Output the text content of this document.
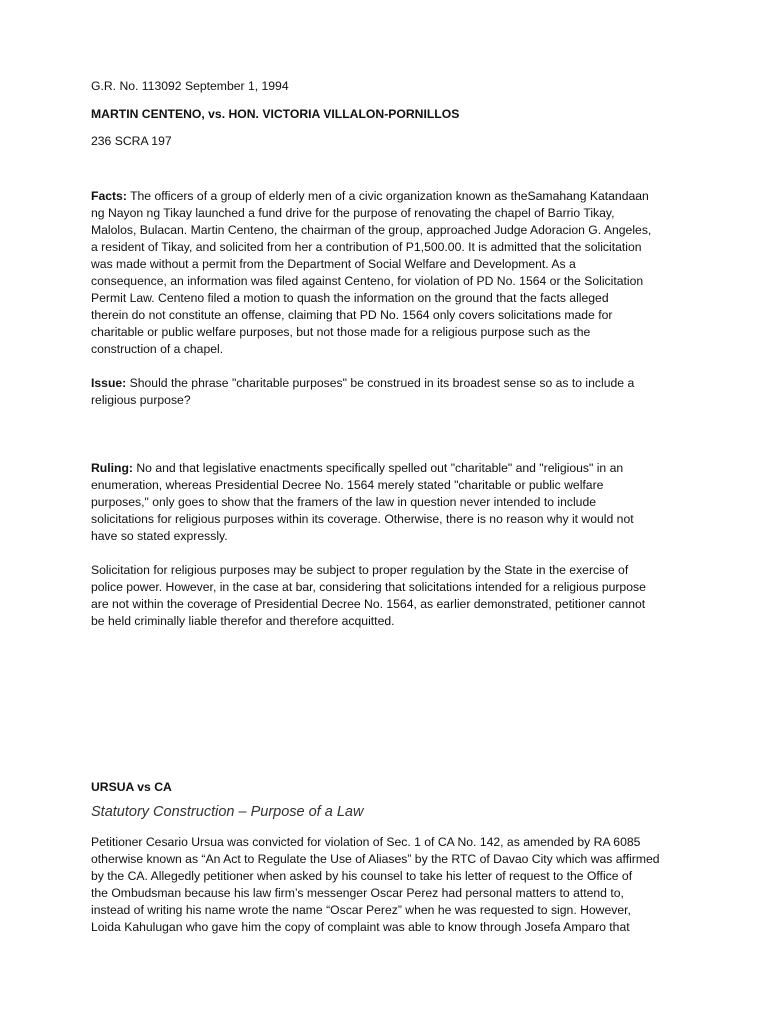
G.R. No. 113092 September 1, 1994
MARTIN CENTENO, vs. HON. VICTORIA VILLALON-PORNILLOS
236 SCRA 197
Facts: The officers of a group of elderly men of a civic organization known as theSamahang Katandaan
ng Nayon ng Tikay launched a fund drive for the purpose of renovating the chapel of Barrio Tikay,
Malolos, Bulacan. Martin Centeno, the chairman of the group, approached Judge Adoracion G. Angeles,
a resident of Tikay, and solicited from her a contribution of P1,500.00. It is admitted that the solicitation
was made without a permit from the Department of Social Welfare and Development. As a
consequence, an information was filed against Centeno, for violation of PD No. 1564 or the Solicitation
Permit Law. Centeno filed a motion to quash the information on the ground that the facts alleged
therein do not constitute an offense, claiming that PD No. 1564 only covers solicitations made for
charitable or public welfare purposes, but not those made for a religious purpose such as the
construction of a chapel.
Issue: Should the phrase "charitable purposes" be construed in its broadest sense so as to include a
religious purpose?
Ruling: No and that legislative enactments specifically spelled out "charitable" and "religious" in an
enumeration, whereas Presidential Decree No. 1564 merely stated "charitable or public welfare
purposes," only goes to show that the framers of the law in question never intended to include
solicitations for religious purposes within its coverage. Otherwise, there is no reason why it would not
have so stated expressly.
Solicitation for religious purposes may be subject to proper regulation by the State in the exercise of
police power. However, in the case at bar, considering that solicitations intended for a religious purpose
are not within the coverage of Presidential Decree No. 1564, as earlier demonstrated, petitioner cannot
be held criminally liable therefor and therefore acquitted.
URSUA vs CA
Statutory Construction – Purpose of a Law
Petitioner Cesario Ursua was convicted for violation of Sec. 1 of CA No. 142, as amended by RA 6085
otherwise known as “An Act to Regulate the Use of Aliases” by the RTC of Davao City which was affirmed
by the CA. Allegedly petitioner when asked by his counsel to take his letter of request to the Office of
the Ombudsman because his law firm’s messenger Oscar Perez had personal matters to attend to,
instead of writing his name wrote the name “Oscar Perez” when he was requested to sign. However,
Loida Kahulugan who gave him the copy of complaint was able to know through Josefa Amparo that
